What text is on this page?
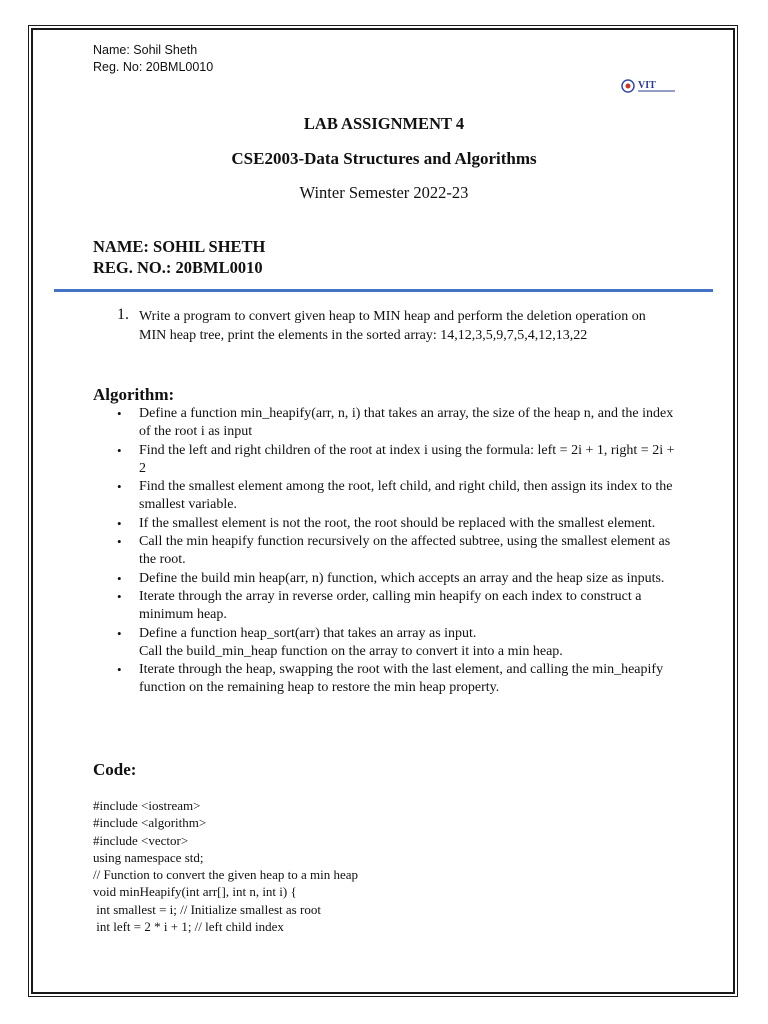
Name: Sohil Sheth
Reg. No: 20BML0010
VIT
LAB ASSIGNMENT 4
CSE2003-Data Structures and Algorithms
Winter Semester 2022-23
NAME: SOHIL SHETH
REG. NO.: 20BML0010
1. Write a program to convert given heap to MIN heap and perform the deletion operation on MIN heap tree, print the elements in the sorted array: 14,12,3,5,9,7,5,4,12,13,22
Algorithm:
• Define a function min_heapify(arr, n, i) that takes an array, the size of the heap n, and the index of the root i as input
• Find the left and right children of the root at index i using the formula: left = 2i + 1, right = 2i + 2
• Find the smallest element among the root, left child, and right child, then assign its index to the smallest variable.
• If the smallest element is not the root, the root should be replaced with the smallest element.
• Call the min heapify function recursively on the affected subtree, using the smallest element as the root.
• Define the build min heap(arr, n) function, which accepts an array and the heap size as inputs.
• Iterate through the array in reverse order, calling min heapify on each index to construct a minimum heap.
• Define a function heap_sort(arr) that takes an array as input.
Call the build_min_heap function on the array to convert it into a min heap.
• Iterate through the heap, swapping the root with the last element, and calling the min_heapify function on the remaining heap to restore the min heap property.
Code:
#include <iostream>
#include <algorithm>
#include <vector>
using namespace std;
// Function to convert the given heap to a min heap
void minHeapify(int arr[], int n, int i) {
int smallest = i; // Initialize smallest as root
int left = 2 * i + 1; // left child index
